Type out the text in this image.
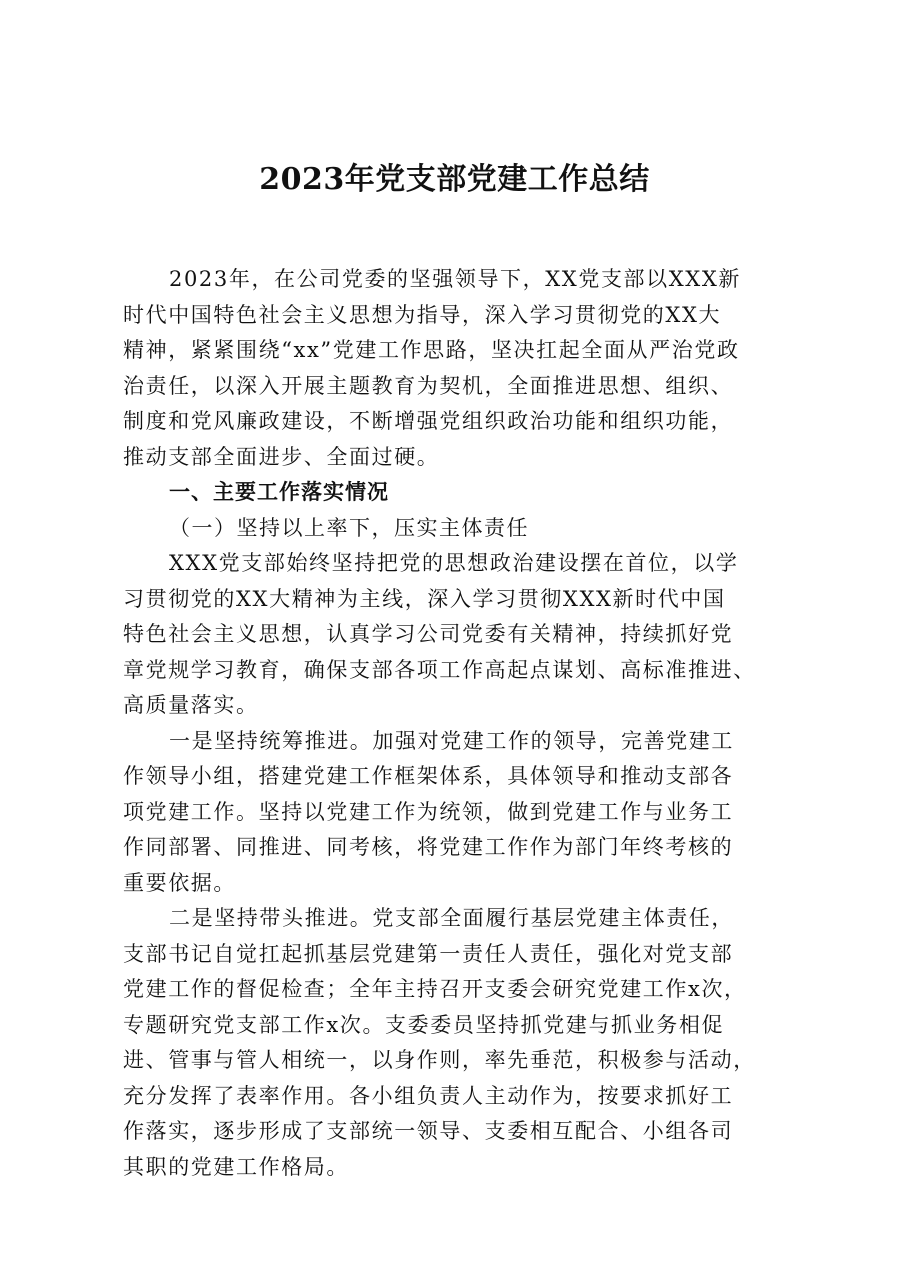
2023年党支部党建工作总结
2023年，在公司党委的坚强领导下，XX党支部以XXX新
时代中国特色社会主义思想为指导，深入学习贯彻党的XX大
精神，紧紧围绕“xx”党建工作思路，坚决扛起全面从严治党政
治责任，以深入开展主题教育为契机，全面推进思想、组织、
制度和党风廉政建设，不断增强党组织政治功能和组织功能，
推动支部全面进步、全面过硬。
一、主要工作落实情况
（一）坚持以上率下，压实主体责任
XXX党支部始终坚持把党的思想政治建设摆在首位，以学
习贯彻党的XX大精神为主线，深入学习贯彻XXX新时代中国
特色社会主义思想，认真学习公司党委有关精神，持续抓好党
章党规学习教育，确保支部各项工作高起点谋划、高标准推进、
高质量落实。
一是坚持统筹推进。加强对党建工作的领导，完善党建工
作领导小组，搭建党建工作框架体系，具体领导和推动支部各
项党建工作。坚持以党建工作为统领，做到党建工作与业务工
作同部署、同推进、同考核，将党建工作作为部门年终考核的
重要依据。
二是坚持带头推进。党支部全面履行基层党建主体责任，
支部书记自觉扛起抓基层党建第一责任人责任，强化对党支部
党建工作的督促检查；全年主持召开支委会研究党建工作x次，
专题研究党支部工作x次。支委委员坚持抓党建与抓业务相促
进、管事与管人相统一，以身作则，率先垂范，积极参与活动，
充分发挥了表率作用。各小组负责人主动作为，按要求抓好工
作落实，逐步形成了支部统一领导、支委相互配合、小组各司
其职的党建工作格局。
